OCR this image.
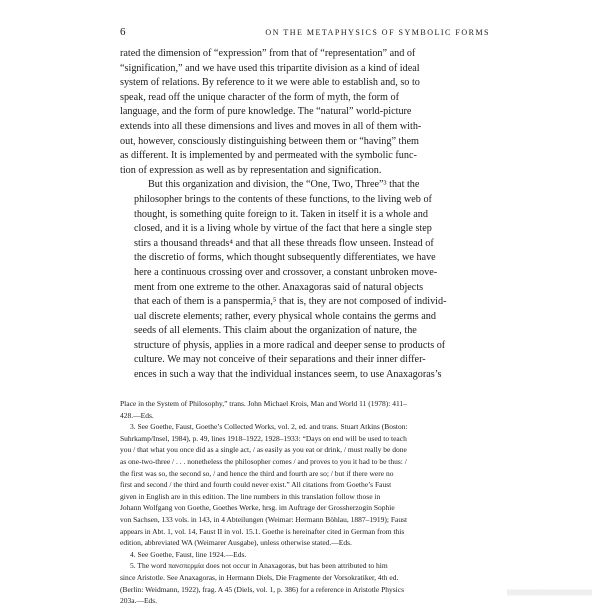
6	ON THE METAPHYSICS OF SYMBOLIC FORMS

rated the dimension of “expression” from that of “representation” and of
“signification,” and we have used this tripartite division as a kind of ideal
system of relations. By reference to it we were able to establish and, so to
speak, read off the unique character of the form of myth, the form of
language, and the form of pure knowledge. The “natural” world-picture
extends into all these dimensions and lives and moves in all of them with-
out, however, consciously distinguishing between them or “having” them
as different. It is implemented by and permeated with the symbolic func-
tion of expression as well as by representation and signification.

But this organization and division, the “One, Two, Three”³ that the
philosopher brings to the contents of these functions, to the living web of
thought, is something quite foreign to it. Taken in itself it is a whole and
closed, and it is a living whole by virtue of the fact that here a single step
stirs a thousand threads⁴ and that all these threads flow unseen. Instead of
the discretio of forms, which thought subsequently differentiates, we have
here a continuous crossing over and crossover, a constant unbroken move-
ment from one extreme to the other. Anaxagoras said of natural objects
that each of them is a panspermia,⁵ that is, they are not composed of individ-
ual discrete elements; rather, every physical whole contains the germs and
seeds of all elements. This claim about the organization of nature, the
structure of physis, applies in a more radical and deeper sense to products of
culture. We may not conceive of their separations and their inner differ-
ences in such a way that the individual instances seem, to use Anaxagoras’s

Place in the System of Philosophy,” trans. John Michael Krois, Man and World 11 (1978): 411–
428.—Eds.
3. See Goethe, Faust, Goethe’s Collected Works, vol. 2, ed. and trans. Stuart Atkins (Boston:
Suhrkamp/Insel, 1984), p. 49, lines 1918–1922, 1928–1933: “Days on end will be used to teach
you / that what you once did as a single act, / as easily as you eat or drink, / must really be done
as one-two-three / . . . nonetheless the philosopher comes / and proves to you it had to be thus: /
the first was so, the second so, / and hence the third and fourth are so; / but if there were no
first and second / the third and fourth could never exist.” All citations from Goethe’s Faust
given in English are in this edition. The line numbers in this translation follow those in
Johann Wolfgang von Goethe, Goethes Werke, hrsg. im Auftrage der Grossherzogin Sophie
von Sachsen, 133 vols. in 143, in 4 Abteilungen (Weimar: Hermann Böhlau, 1887–1919); Faust
appears in Abt. 1, vol. 14, Faust II in vol. 15.1. Goethe is hereinafter cited in German from this
edition, abbreviated WA (Weimarer Ausgabe), unless otherwise stated.—Eds.
4. See Goethe, Faust, line 1924.—Eds.
5. The word πανσπερμία does not occur in Anaxagoras, but has been attributed to him
since Aristotle. See Anaxagoras, in Hermann Diels, Die Fragmente der Vorsokratiker, 4th ed.
(Berlin: Weidmann, 1922), frag. A 45 (Diels, vol. 1, p. 386) for a reference in Aristotle Physics
203a.—Eds.
▒▒▒▒▒▒▒▒▒▒▒▒▒▒▒▒▒▒▒▒▒▒▒▒
